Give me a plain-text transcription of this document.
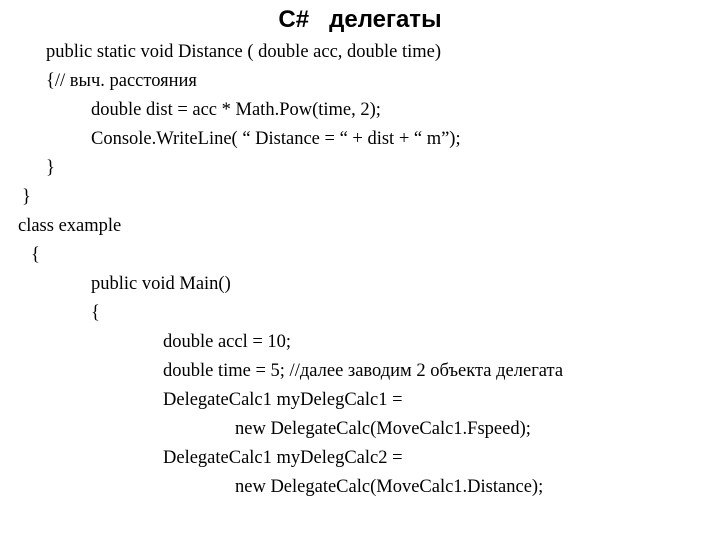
C#   делегаты
public static void Distance ( double acc, double time)
{// выч. расстояния
double dist = acc * Math.Pow(time, 2);
Console.WriteLine( “ Distance = “ + dist + “ m”);
}
}
class example
{
public void Main()
{
double accl = 10;
double time = 5; //далее заводим 2 объекта делегата
DelegateCalc1 myDelegCalc1 =
new DelegateCalc(MoveCalc1.Fspeed);
DelegateCalc1 myDelegCalc2 =
new DelegateCalc(MoveCalc1.Distance);
